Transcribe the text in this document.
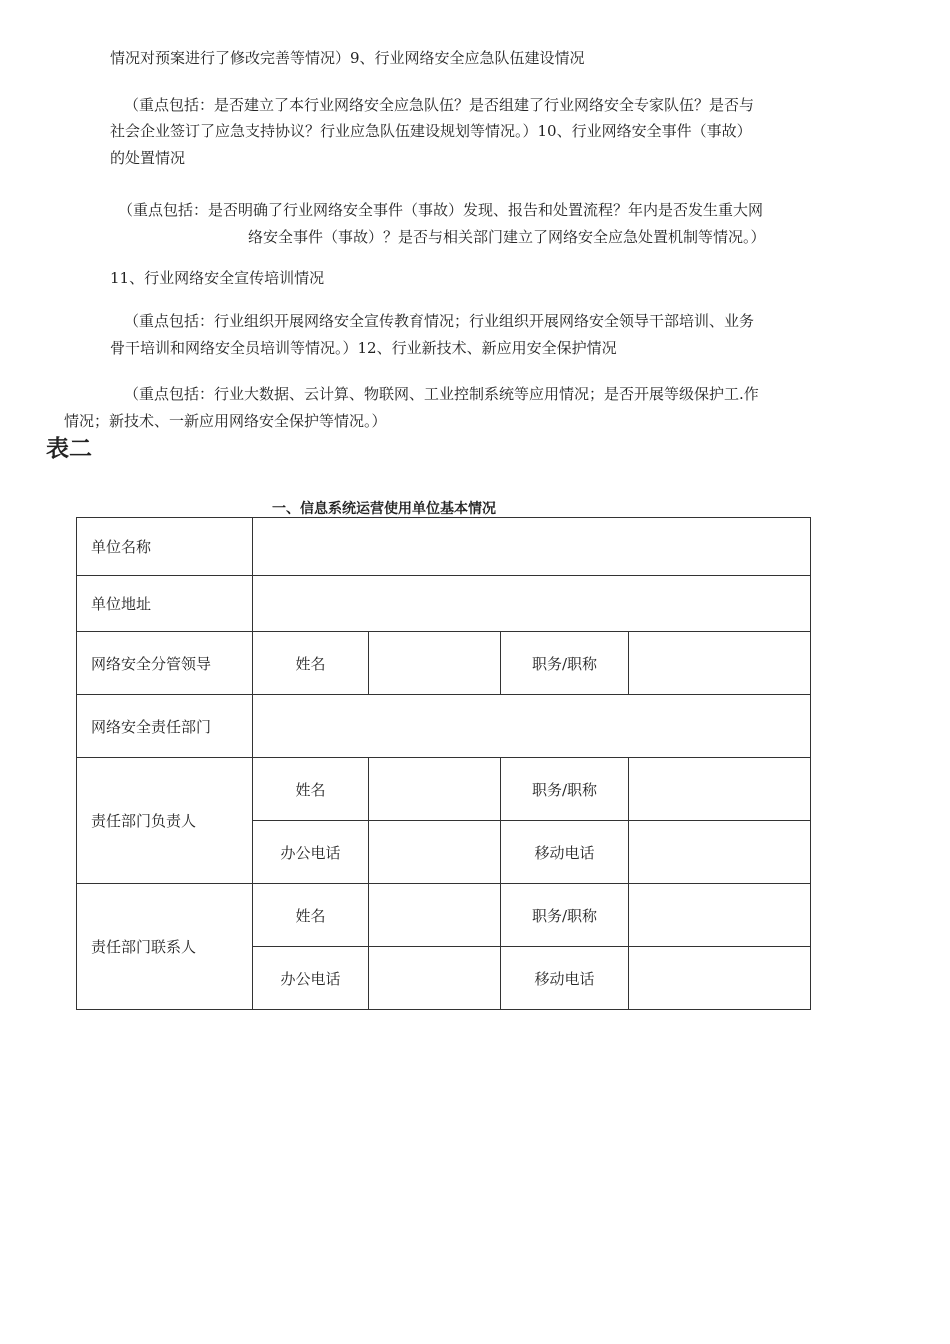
情况对预案进行了修改完善等情况）9、行业网络安全应急队伍建设情况

（重点包括：是否建立了本行业网络安全应急队伍？是否组建了行业网络安全专家队伍？是否与

社会企业签订了应急支持协议？行业应急队伍建设规划等情况。）10、行业网络安全事件（事故）

的处置情况

（重点包括：是否明确了行业网络安全事件（事故）发现、报告和处置流程？年内是否发生重大网

络安全事件（事故）？是否与相关部门建立了网络安全应急处置机制等情况。）

11、行业网络安全宣传培训情况

（重点包括：行业组织开展网络安全宣传教育情况；行业组织开展网络安全领导干部培训、业务

骨干培训和网络安全员培训等情况。）12、行业新技术、新应用安全保护情况

（重点包括：行业大数据、云计算、物联网、工业控制系统等应用情况；是否开展等级保护工.作

情况；新技术、一新应用网络安全保护等情况。）

表二
一、信息系统运营使用单位基本情况
单位名称				
单位地址				
网络安全分管领导	姓名		职务/职称	
网络安全责任部门				
责任部门负责人	姓名		职务/职称	
	办公电话		移动电话	
责任部门联系人	姓名		职务/职称	
	办公电话		移动电话	
